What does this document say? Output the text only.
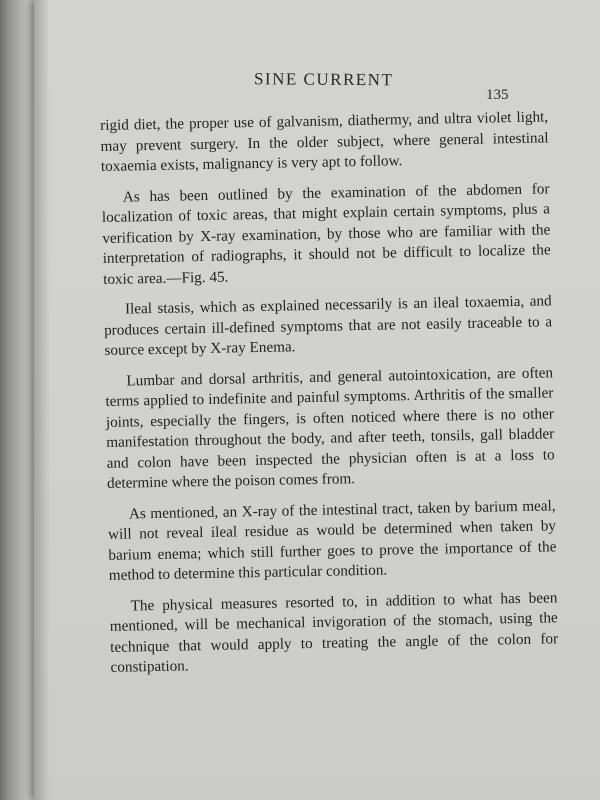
SINE CURRENT
135

rigid diet, the proper use of galvanism, diathermy, and ultra violet light, may prevent surgery. In the older subject, where general intestinal toxaemia exists, malignancy is very apt to follow.

As has been outlined by the examination of the abdomen for localization of toxic areas, that might explain certain symptoms, plus a verification by X-ray examination, by those who are familiar with the interpretation of radiographs, it should not be difficult to localize the toxic area.—Fig. 45.

Ileal stasis, which as explained necessarily is an ileal toxaemia, and produces certain ill-defined symptoms that are not easily traceable to a source except by X-ray Enema.

Lumbar and dorsal arthritis, and general autointoxication, are often terms applied to indefinite and painful symptoms. Arthritis of the smaller joints, especially the fingers, is often noticed where there is no other manifestation throughout the body, and after teeth, tonsils, gall bladder and colon have been inspected the physician often is at a loss to determine where the poison comes from.

As mentioned, an X-ray of the intestinal tract, taken by barium meal, will not reveal ileal residue as would be determined when taken by barium enema; which still further goes to prove the importance of the method to determine this particular condition.

The physical measures resorted to, in addition to what has been mentioned, will be mechanical invigoration of the stomach, using the technique that would apply to treating the angle of the colon for constipation.
